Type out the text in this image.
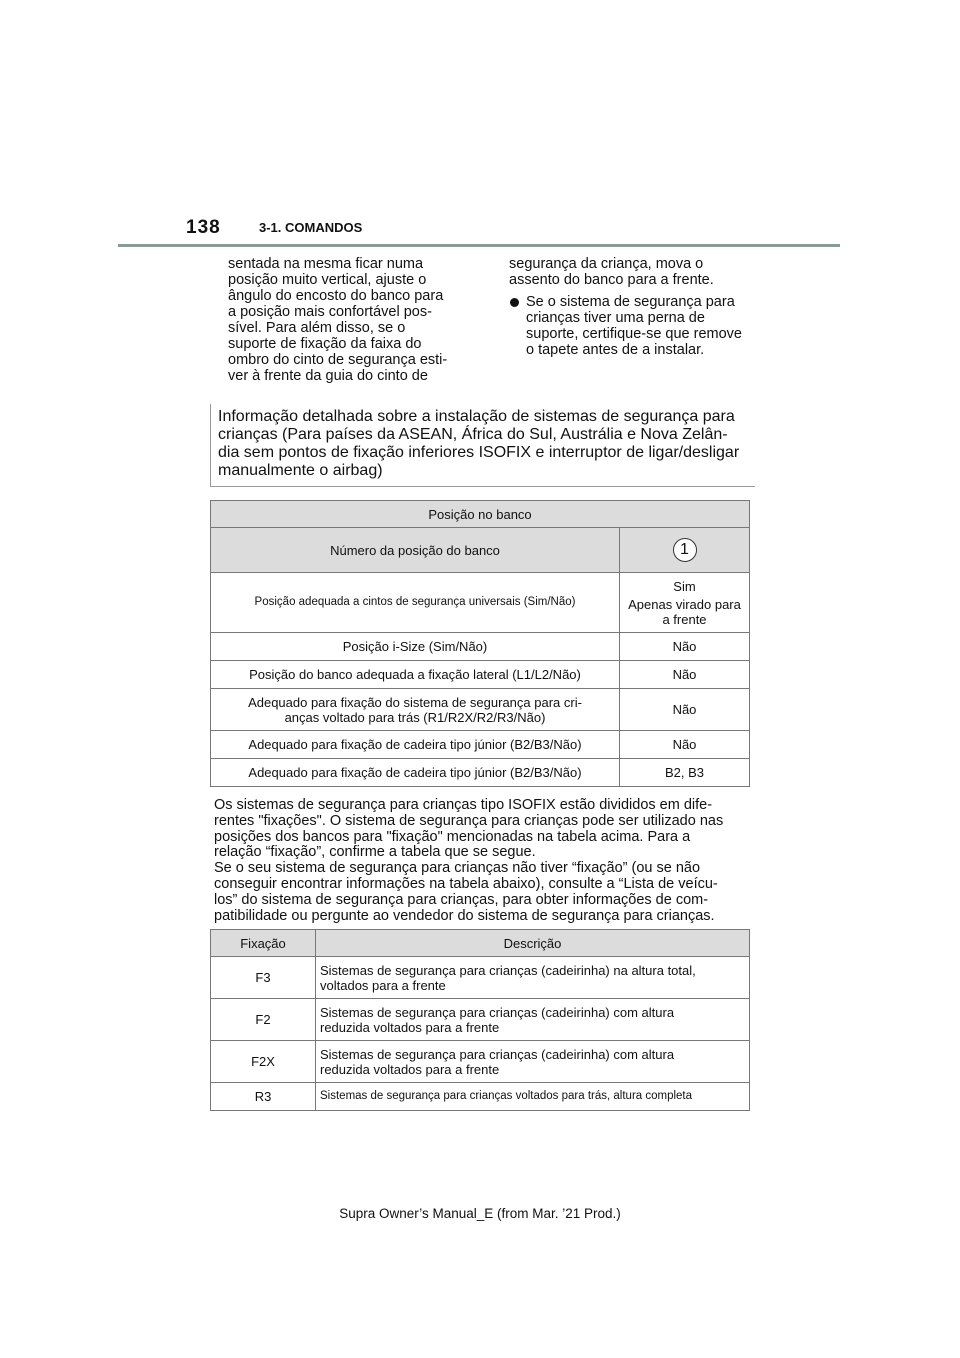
138	3-1. COMANDOS
sentada na mesma ficar numa
posição muito vertical, ajuste o
ângulo do encosto do banco para
a posição mais confortável pos-
sível. Para além disso, se o
suporte de fixação da faixa do
ombro do cinto de segurança esti-
ver à frente da guia do cinto de
segurança da criança, mova o
assento do banco para a frente.
Se o sistema de segurança para
crianças tiver uma perna de
suporte, certifique-se que remove
o tapete antes de a instalar.
Informação detalhada sobre a instalação de sistemas de segurança para
crianças (Para países da ASEAN, África do Sul, Austrália e Nova Zelân-
dia sem pontos de fixação inferiores ISOFIX e interruptor de ligar/desligar
manualmente o airbag)
Posição no banco	
Número da posição do banco	1
Posição adequada a cintos de segurança universais (Sim/Não)	Sim
Apenas virado para
a frente

Posição i-Size (Sim/Não)	Não
Posição do banco adequada a fixação lateral (L1/L2/Não)	Não

Adequado para fixação do sistema de segurança para cri-
anças voltado para trás (R1/R2X/R2/R3/Não)	Não
Adequado para fixação de cadeira tipo júnior (B2/B3/Não)	Não
Adequado para fixação de cadeira tipo júnior (B2/B3/Não)	B2, B3
Os sistemas de segurança para crianças tipo ISOFIX estão divididos em dife-
rentes "fixações". O sistema de segurança para crianças pode ser utilizado nas
posições dos bancos para "fixação" mencionadas na tabela acima. Para a
relação “fixação”, confirme a tabela que se segue.
Se o seu sistema de segurança para crianças não tiver “fixação” (ou se não
conseguir encontrar informações na tabela abaixo), consulte a “Lista de veícu-
los” do sistema de segurança para crianças, para obter informações de com-
patibilidade ou pergunte ao vendedor do sistema de segurança para crianças.
Fixação	Descrição
F3	Sistemas de segurança para crianças (cadeirinha) na altura total,
voltados para a frente

F2	Sistemas de segurança para crianças (cadeirinha) com altura
reduzida voltados para a frente

F2X	Sistemas de segurança para crianças (cadeirinha) com altura
reduzida voltados para a frente

R3	Sistemas de segurança para crianças voltados para trás, altura completa
Supra Owner’s Manual_E (from Mar. ’21 Prod.)
